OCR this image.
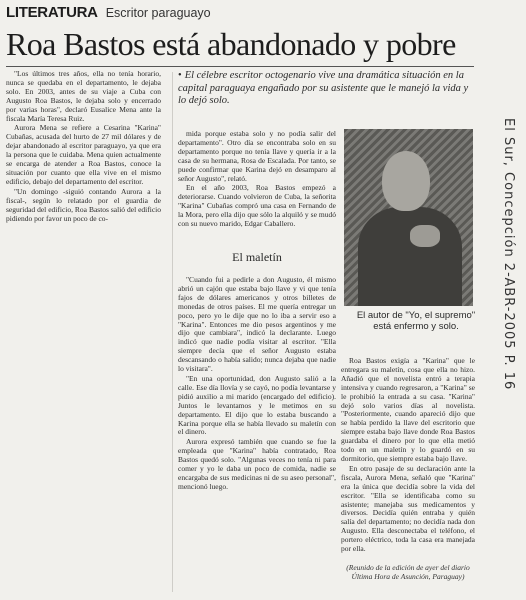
LITERATURA Escritor paraguayo
Roa Bastos está abandonado y pobre

"Los últimos tres años, ella no tenía horario, nunca se quedaba en el departamento, le dejaba solo. En 2003, antes de su viaje a Cuba con Augusto Roa Bastos, le dejaba solo y encerrado por varias horas", declaró Eusalice Mena ante la fiscala María Teresa Ruiz.

Aurora Mena se refiere a Cesarina "Karina" Cubañas, acusada del hurto de 27 mil dólares y de dejar abandonado al escritor paraguayo, ya que era la persona que le cuidaba. Mena quien actualmente se encarga de atender a Roa Bastos, conoce la situación por cuanto que ella vive en el mismo edificio, debajo del departamento del escritor.

"Un domingo -siguió contando Aurora a la fiscal-, según lo relatado por el guardia de seguridad del edificio, Roa Bastos salió del edificio pidiendo por favor un poco de co-

• El célebre escritor octogenario vive una dramática situación en la capital paraguaya engañado por su asistente que le manejó la vida y lo dejó solo.

mida porque estaba solo y no podía salir del departamento". Otro día se encontraba solo en su departamento porque no tenía llave y quería ir a la casa de su hermana, Rosa de Escalada. Por tanto, se puede confirmar que Karina dejó en desamparo al señor Augusto", relató.

En el año 2003, Roa Bastos empezó a deteriorarse. Cuando volvieron de Cuba, la señorita "Karina" Cubañas compró una casa en Fernando de la Mora, pero ella dijo que sólo la alquiló y se mudó con su nuevo marido, Edgar Caballero.

El maletín

"Cuando fui a pedirle a don Augusto, él mismo abrió un cajón que estaba bajo llave y vi que tenía fajos de dólares americanos y otros billetes de monedas de otros países. El me quería entregar un poco, pero yo le dije que no lo iba a servir eso a "Karina". Entonces me dio pesos argentinos y me dijo que cambiara", indicó la declarante. Luego indicó que nadie podía visitar al escritor. "Ella siempre decía que el señor Augusto estaba descansando o había salido; nunca dejaba que nadie lo visitara".

"En una oportunidad, don Augusto salió a la calle. Ese día llovía y se cayó, no podía levantarse y pidió auxilio a mi marido (encargado del edificio). Juntos le levantamos y le metimos en su departamento. El dijo que lo estaba buscando a Karina porque ella se había llevado su maletín con el dinero.

Aurora expresó también que cuando se fue la empleada que "Karina" había contratado, Roa Bastos quedó solo. "Algunas veces no tenía ni para comer y yo le daba un poco de comida, nadie se encargaba de sus medicinas ni de su aseo personal", mencionó luego.

El autor de "Yo, el supremo" está enfermo y solo.

Roa Bastos exigía a "Karina" que le entregara su maletín, cosa que ella no hizo. Añadió que el novelista entró a terapia intensiva y cuando regresaron, a "Karina" se le prohibió la entrada a su casa. "Karina" dejó solo varios días al novelista. "Posteriormente, cuando apareció dijo que se había perdido la llave del escritorio que siempre estaba bajo llave donde Roa Bastos guardaba el dinero por lo que ella metió todo en un maletín y lo guardó en su dormitorio, que siempre estaba bajo llave.

En otro pasaje de su declaración ante la fiscala, Aurora Mena, señaló que "Karina" era la única que decidía sobre la vida del escritor. "Ella se identificaba como su asistente; manejaba sus medicamentos y diversos. Decidía quién entraba y quién salía del departamento; no decidía nada don Augusto. Ella desconectaba el teléfono, el portero eléctrico, toda la casa era manejada por ella.

(Reunido de la edición de ayer del diario Última Hora de Asunción, Paraguay)
El Sur, Concepción 2-ABR-2005 P. 16
